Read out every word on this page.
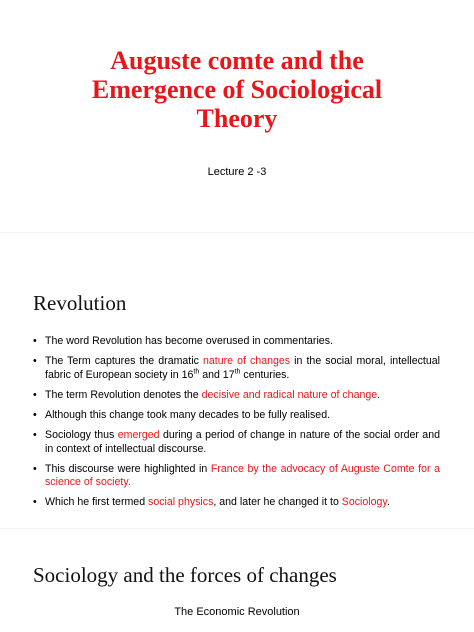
Auguste comte and the
Emergence of Sociological
Theory

Lecture 2 -3

Revolution
• The word Revolution has become overused in commentaries.
• The Term captures the dramatic nature of changes in the social moral, intellectual fabric of European society in 16th and 17th centuries.
• The term Revolution denotes the decisive and radical nature of change.
• Although this change took many decades to be fully realised.
• Sociology thus emerged during a period of change in nature of the social order and in context of intellectual discourse.
• This discourse were highlighted in France by the advocacy of Auguste Comte for a science of society.
• Which he first termed social physics, and later he changed it to Sociology.
Sociology and the forces of changes
The Economic Revolution
